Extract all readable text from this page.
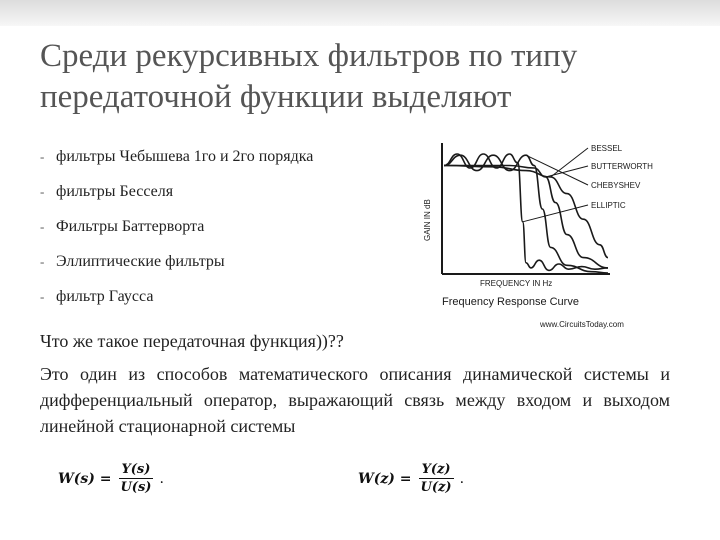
Среди рекурсивных фильтров по типу передаточной функции выделяют
- фильтры Чебышева 1го и 2го порядка
- фильтры Бесселя
- Фильтры Баттерворта
- Эллиптические фильтры
- фильтр Гаусса
GAIN IN dB
FREQUENCY IN Hz
Frequency Response Curve
www.CircuitsToday.com
BESSEL
BUTTERWORTH
CHEBYSHEV
ELLIPTIC

Что же такое передаточная функция))??

Это один из способов математического описания динамической системы и дифференциальный оператор, выражающий связь между входом и выходом линейной стационарной системы

$W(s) = \frac{Y(s)}{U(s)}$ .	$W(z) = \frac{Y(z)}{U(z)}$ .
